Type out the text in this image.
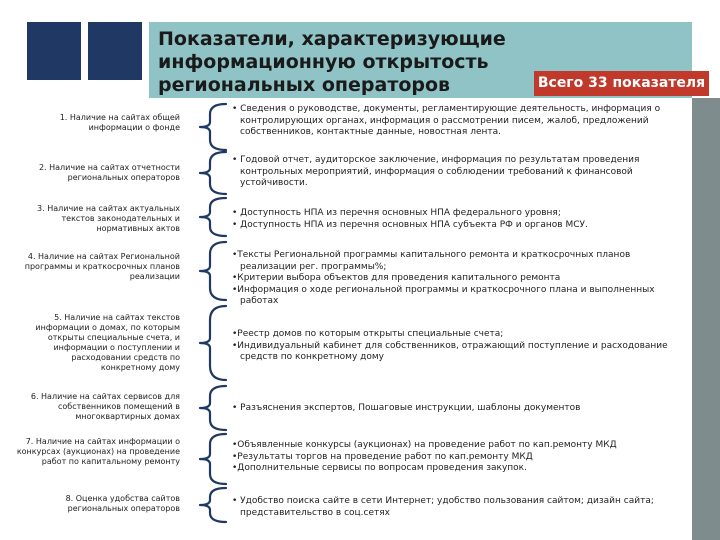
Показатели, характеризующие информационную открытость региональных операторов	Всего 33 показателя
1. Наличие на сайтах общей информации о фонде
2. Наличие на сайтах отчетности региональных операторов
3. Наличие на сайтах актуальных текстов законодательных и нормативных актов
4. Наличие на сайтах Региональной программы и краткосрочных планов реализации
5. Наличие на сайтах текстов информации о домах, по которым открыты специальные счета, и информации о поступлении и расходовании средств по конкретному дому
6. Наличие на сайтах сервисов для собственников помещений в многоквартирных домах
7. Наличие на сайтах информации о конкурсах (аукционах) на проведение работ по капитальному ремонту
8. Оценка удобства сайтов региональных операторов
• Сведения о руководстве, документы, регламентирующие деятельность, информация о контролирующих органах, информация о рассмотрении писем, жалоб, предложений собственников, контактные данные, новостная лента.
• Годовой отчет, аудиторское заключение, информация по результатам проведения контрольных мероприятий, информация о соблюдении требований к финансовой устойчивости.
• Доступность НПА из перечня основных НПА федерального уровня;
• Доступность НПА из перечня основных НПА субъекта РФ и органов МСУ.
•Тексты Региональной программы капитального ремонта и краткосрочных планов реализации рег. программы%;
•Критерии выбора объектов для проведения капитального ремонта
•Информация о ходе региональной программы и краткосрочного плана и выполненных работах
•Реестр домов по которым открыты специальные счета;
•Индивидуальный кабинет для собственников, отражающий поступление и расходование средств по конкретному дому
• Разъяснения экспертов, Пошаговые инструкции, шаблоны документов
•Объявленные конкурсы (аукционах) на проведение работ по кап.ремонту МКД
•Результаты торгов на проведение работ по кап.ремонту МКД
•Дополнительные сервисы по вопросам проведения закупок.
• Удобство поиска сайте в сети Интернет; удобство пользования сайтом; дизайн сайта; представительство в соц.сетях
